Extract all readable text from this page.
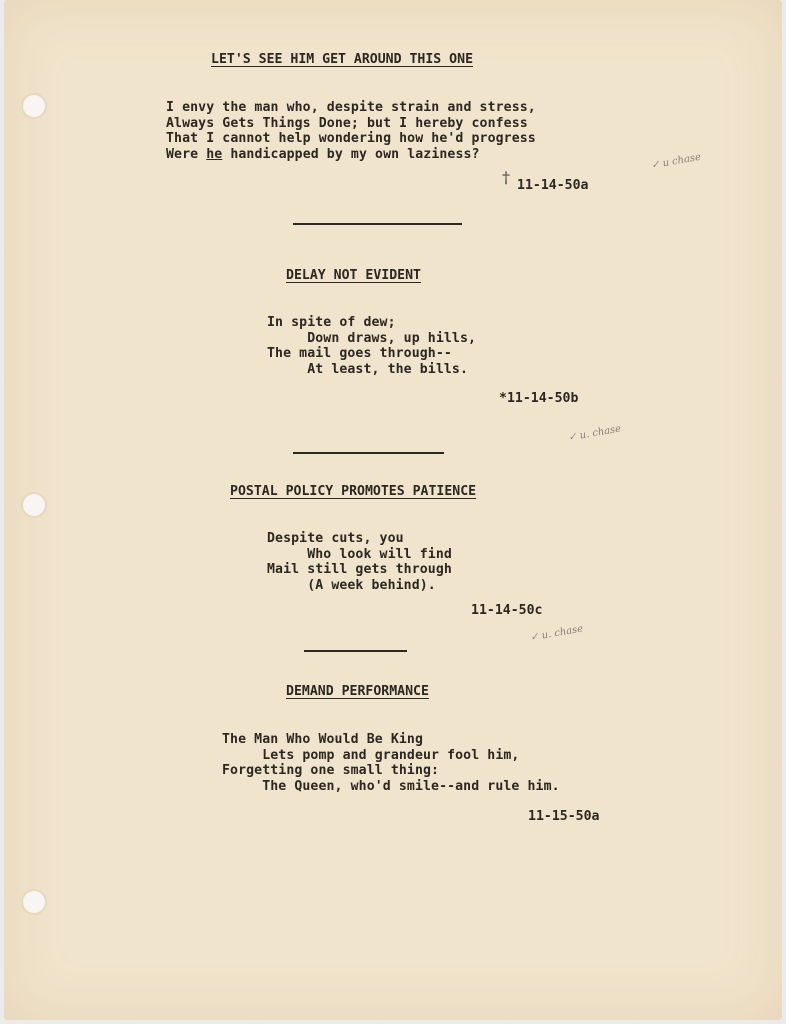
LET'S SEE HIM GET AROUND THIS ONE
I envy the man who, despite strain and stress,
Always Gets Things Done; but I hereby confess
That I cannot help wondering how he'd progress
Were he handicapped by my own laziness?
† 11-14-50a
✓ u chase
DELAY NOT EVIDENT
In spite of dew;
Down draws, up hills,
The mail goes through--
At least, the bills.
*11-14-50b
✓ u. chase
POSTAL POLICY PROMOTES PATIENCE
Despite cuts, you
Who look will find
Mail still gets through
(A week behind).
11-14-50c
✓ u. chase
DEMAND PERFORMANCE
The Man Who Would Be King
Lets pomp and grandeur fool him,
Forgetting one small thing:
The Queen, who'd smile--and rule him.
11-15-50a
